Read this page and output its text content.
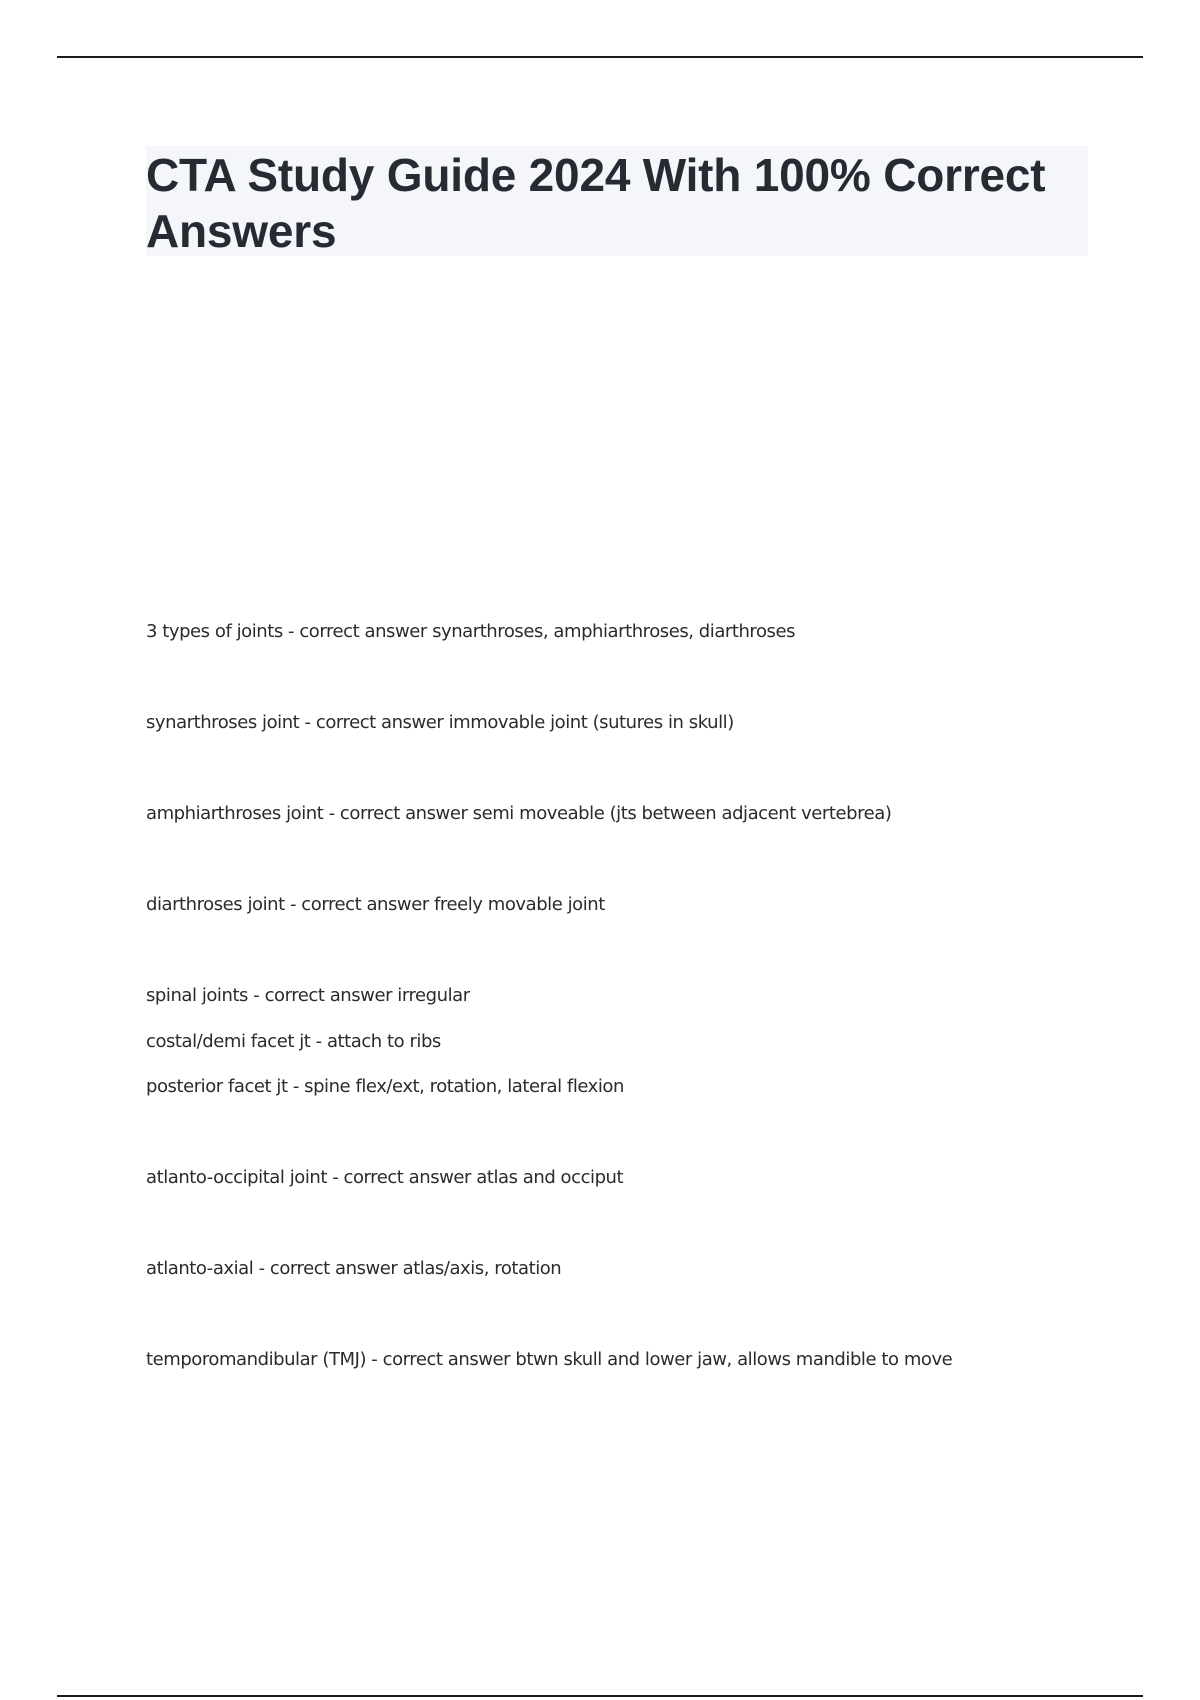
CTA Study Guide 2024 With 100% Correct Answers

3 types of joints - correct answer synarthroses, amphiarthroses, diarthroses

synarthroses joint - correct answer immovable joint (sutures in skull)

amphiarthroses joint - correct answer semi moveable (jts between adjacent vertebrea)

diarthroses joint - correct answer freely movable joint

spinal joints - correct answer irregular

costal/demi facet jt - attach to ribs

posterior facet jt - spine flex/ext, rotation, lateral flexion

atlanto-occipital joint - correct answer atlas and occiput

atlanto-axial - correct answer atlas/axis, rotation

temporomandibular (TMJ) - correct answer btwn skull and lower jaw, allows mandible to move
